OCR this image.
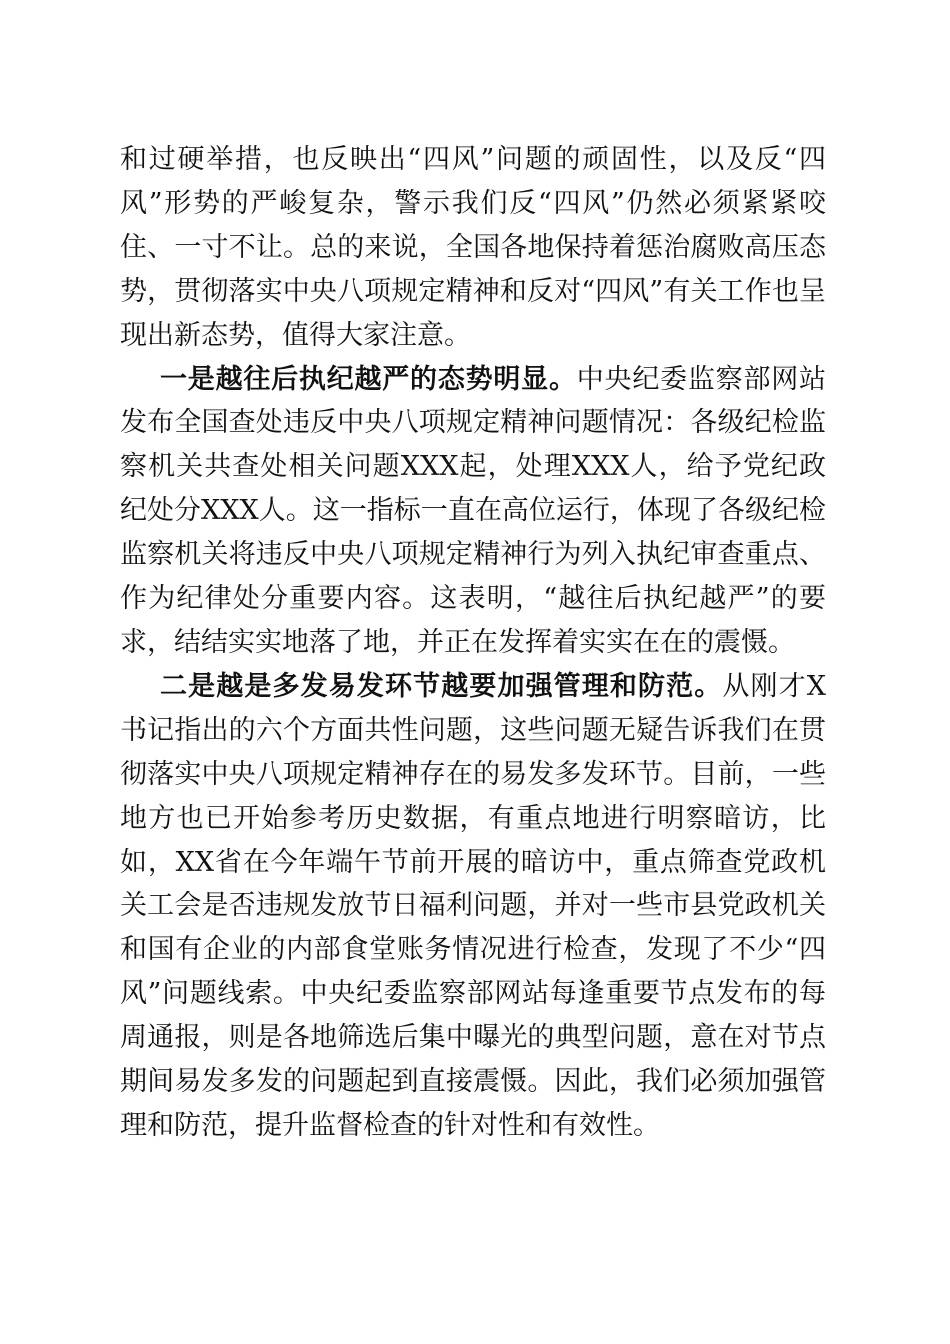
和过硬举措，也反映出“四风”问题的顽固性，以及反“四风”形势的严峻复杂，警示我们反“四风”仍然必须紧紧咬住、一寸不让。总的来说，全国各地保持着惩治腐败高压态势，贯彻落实中央八项规定精神和反对“四风”有关工作也呈现出新态势，值得大家注意。

一是越往后执纪越严的态势明显。中央纪委监察部网站发布全国查处违反中央八项规定精神问题情况：各级纪检监察机关共查处相关问题XXX起，处理XXX人，给予党纪政纪处分XXX人。这一指标一直在高位运行，体现了各级纪检监察机关将违反中央八项规定精神行为列入执纪审查重点、作为纪律处分重要内容。这表明，“越往后执纪越严”的要求，结结实实地落了地，并正在发挥着实实在在的震慑。

二是越是多发易发环节越要加强管理和防范。从刚才X书记指出的六个方面共性问题，这些问题无疑告诉我们在贯彻落实中央八项规定精神存在的易发多发环节。目前，一些地方也已开始参考历史数据，有重点地进行明察暗访，比如，XX省在今年端午节前开展的暗访中，重点筛查党政机关工会是否违规发放节日福利问题，并对一些市县党政机关和国有企业的内部食堂账务情况进行检查，发现了不少“四风”问题线索。中央纪委监察部网站每逢重要节点发布的每周通报，则是各地筛选后集中曝光的典型问题，意在对节点期间易发多发的问题起到直接震慑。因此，我们必须加强管理和防范，提升监督检查的针对性和有效性。
